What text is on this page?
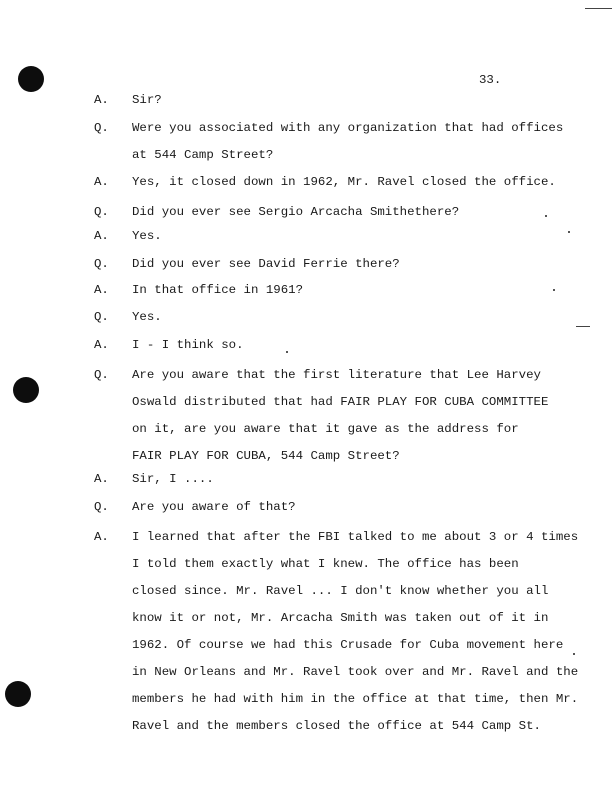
33.
A. Sir?
Q. Were you associated with any organization that had offices
at 544 Camp Street?
A. Yes, it closed down in 1962, Mr. Ravel closed the office.
Q. Did you ever see Sergio Arcacha Smithethere?
A. Yes.
Q. Did you ever see David Ferrie there?
A. In that office in 1961?
Q. Yes.
A. I - I think so.
Q. Are you aware that the first literature that Lee Harvey
Oswald distributed that had FAIR PLAY FOR CUBA COMMITTEE
on it, are you aware that it gave as the address for
FAIR PLAY FOR CUBA, 544 Camp Street?
A. Sir, I ....
Q. Are you aware of that?
A. I learned that after the FBI talked to me about 3 or 4 times
I told them exactly what I knew. The office has been
closed since. Mr. Ravel ... I don't know whether you all
know it or not, Mr. Arcacha Smith was taken out of it in
1962. Of course we had this Crusade for Cuba movement here
in New Orleans and Mr. Ravel took over and Mr. Ravel and the
members he had with him in the office at that time, then Mr.
Ravel and the members closed the office at 544 Camp St.
